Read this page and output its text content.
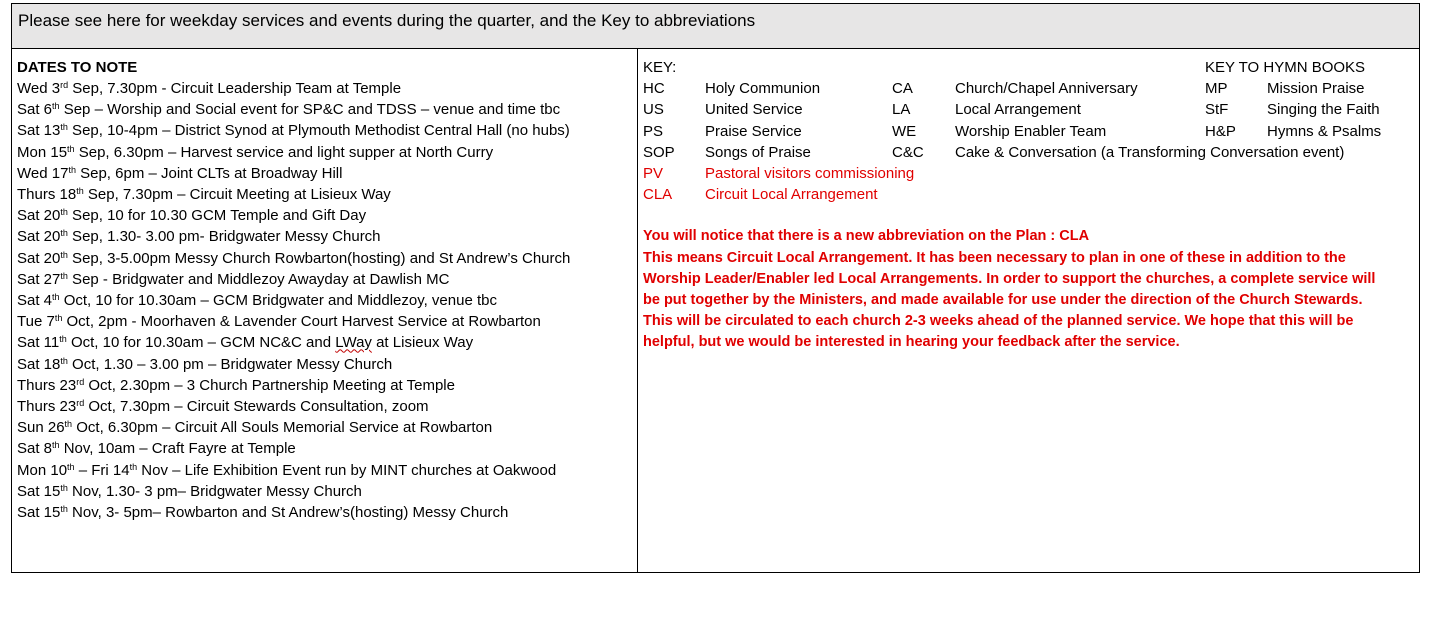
Please see here for weekday services and events during the quarter, and the Key to abbreviations
DATES TO NOTE
Wed 3rd Sep, 7.30pm - Circuit Leadership Team at Temple
Sat 6th Sep – Worship and Social event for SP&C and TDSS – venue and time tbc
Sat 13th Sep, 10-4pm – District Synod at Plymouth Methodist Central Hall (no hubs)
Mon 15th Sep, 6.30pm – Harvest service and light supper at North Curry
Wed 17th Sep, 6pm – Joint CLTs at Broadway Hill
Thurs 18th Sep, 7.30pm – Circuit Meeting at Lisieux Way
Sat 20th Sep, 10 for 10.30 GCM Temple and Gift Day
Sat 20th Sep, 1.30- 3.00 pm- Bridgwater Messy Church
Sat 20th Sep, 3-5.00pm Messy Church Rowbarton(hosting) and St Andrew’s Church
Sat 27th Sep - Bridgwater and Middlezoy Awayday at Dawlish MC
Sat 4th Oct, 10 for 10.30am – GCM Bridgwater and Middlezoy, venue tbc
Tue 7th Oct, 2pm - Moorhaven & Lavender Court Harvest Service at Rowbarton
Sat 11th Oct, 10 for 10.30am – GCM NC&C and LWay at Lisieux Way
Sat 18th Oct, 1.30 – 3.00 pm – Bridgwater Messy Church
Thurs 23rd Oct, 2.30pm – 3 Church Partnership Meeting at Temple
Thurs 23rd Oct, 7.30pm – Circuit Stewards Consultation, zoom
Sun 26th Oct, 6.30pm – Circuit All Souls Memorial Service at Rowbarton
Sat 8th Nov, 10am – Craft Fayre at Temple
Mon 10th – Fri 14th Nov – Life Exhibition Event run by MINT churches at Oakwood
Sat 15th Nov, 1.30- 3 pm– Bridgwater Messy Church
Sat 15th Nov, 3- 5pm– Rowbarton and St Andrew’s(hosting) Messy Church
KEY:	KEY TO HYMN BOOKS
HC	Holy Communion	CA	Church/Chapel Anniversary	MP	Mission Praise
US	United Service	LA	Local Arrangement	StF	Singing the Faith
PS	Praise Service	WE	Worship Enabler Team	H&P Hymns & Psalms
SOP Songs of Praise	C&C Cake & Conversation (a Transforming Conversation event)
PV	Pastoral visitors commissioning
CLA Circuit Local Arrangement
You will notice that there is a new abbreviation on the Plan : CLA
This means Circuit Local Arrangement. It has been necessary to plan in one of these in addition to the
Worship Leader/Enabler led Local Arrangements. In order to support the churches, a complete service will
be put together by the Ministers, and made available for use under the direction of the Church Stewards.
This will be circulated to each church 2-3 weeks ahead of the planned service. We hope that this will be
helpful, but we would be interested in hearing your feedback after the service.
